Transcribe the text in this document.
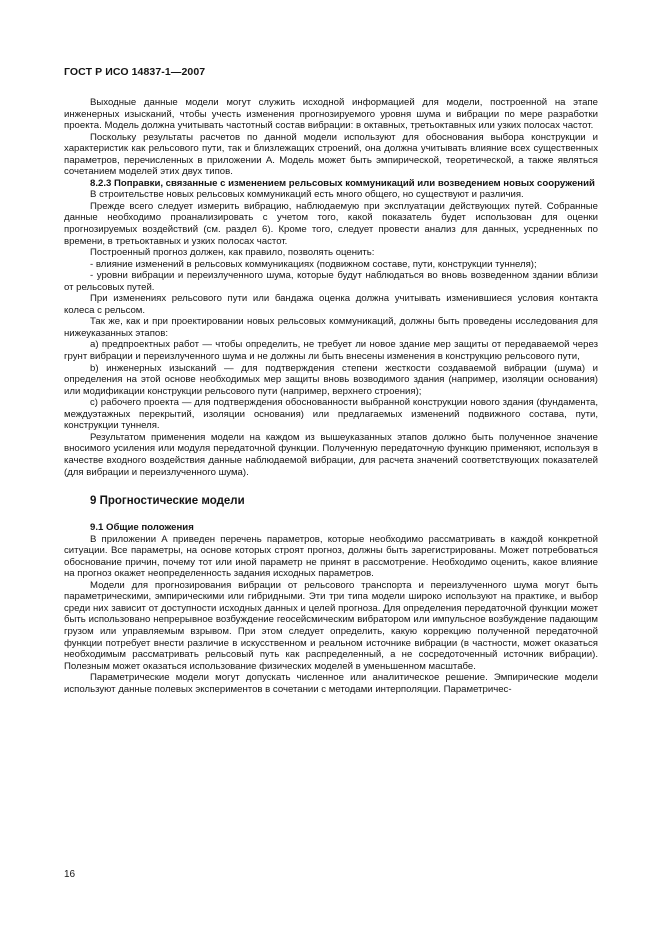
ГОСТ Р ИСО 14837-1—2007

Выходные данные модели могут служить исходной информацией для модели, построенной на этапе инженерных изысканий, чтобы учесть изменения прогнозируемого уровня шума и вибрации по мере разработки проекта. Модель должна учитывать частотный состав вибрации: в октавных, третьоктавных или узких полосах частот.

Поскольку результаты расчетов по данной модели используют для обоснования выбора конструкции и характеристик как рельсового пути, так и близлежащих строений, она должна учитывать влияние всех существенных параметров, перечисленных в приложении А. Модель может быть эмпирической, теоретической, а также являться сочетанием моделей этих двух типов.

8.2.3 Поправки, связанные с изменением рельсовых коммуникаций или возведением новых сооружений

В строительстве новых рельсовых коммуникаций есть много общего, но существуют и различия.

Прежде всего следует измерить вибрацию, наблюдаемую при эксплуатации действующих путей. Собранные данные необходимо проанализировать с учетом того, какой показатель будет использован для оценки прогнозируемых воздействий (см. раздел 6). Кроме того, следует провести анализ для данных, усредненных по времени, в третьоктавных и узких полосах частот.

Построенный прогноз должен, как правило, позволять оценить:

- влияние изменений в рельсовых коммуникациях (подвижном составе, пути, конструкции туннеля);

- уровни вибрации и переизлученного шума, которые будут наблюдаться во вновь возведенном здании вблизи от рельсовых путей.

При изменениях рельсового пути или бандажа оценка должна учитывать изменившиеся условия контакта колеса с рельсом.

Так же, как и при проектировании новых рельсовых коммуникаций, должны быть проведены исследования для нижеуказанных этапов:

а) предпроектных работ — чтобы определить, не требует ли новое здание мер защиты от передаваемой через грунт вибрации и переизлученного шума и не должны ли быть внесены изменения в конструкцию рельсового пути,

b) инженерных изысканий — для подтверждения степени жесткости создаваемой вибрации (шума) и определения на этой основе необходимых мер защиты вновь возводимого здания (например, изоляции основания) или модификации конструкции рельсового пути (например, верхнего строения);

с) рабочего проекта — для подтверждения обоснованности выбранной конструкции нового здания (фундамента, междуэтажных перекрытий, изоляции основания) или предлагаемых изменений подвижного состава, пути, конструкции туннеля.

Результатом применения модели на каждом из вышеуказанных этапов должно быть полученное значение вносимого усиления или модуля передаточной функции. Полученную передаточную функцию применяют, используя в качестве входного воздействия данные наблюдаемой вибрации, для расчета значений соответствующих показателей (для вибрации и переизлученного шума).

9 Прогностические модели

9.1 Общие положения

В приложении А приведен перечень параметров, которые необходимо рассматривать в каждой конкретной ситуации. Все параметры, на основе которых строят прогноз, должны быть зарегистрированы. Может потребоваться обоснование причин, почему тот или иной параметр не принят в рассмотрение. Необходимо оценить, какое влияние на прогноз окажет неопределенность задания исходных параметров.

Модели для прогнозирования вибрации от рельсового транспорта и переизлученного шума могут быть параметрическими, эмпирическими или гибридными. Эти три типа модели широко используют на практике, и выбор среди них зависит от доступности исходных данных и целей прогноза. Для определения передаточной функции может быть использовано непрерывное возбуждение геосейсмическим вибратором или импульсное возбуждение падающим грузом или управляемым взрывом. При этом следует определить, какую коррекцию полученной передаточной функции потребует внести различие в искусственном и реальном источнике вибрации (в частности, может оказаться необходимым рассматривать рельсовый путь как распределенный, а не сосредоточенный источник вибрации). Полезным может оказаться использование физических моделей в уменьшенном масштабе.

Параметрические модели могут допускать численное или аналитическое решение. Эмпирические модели используют данные полевых экспериментов в сочетании с методами интерполяции. Параметричес-

16
